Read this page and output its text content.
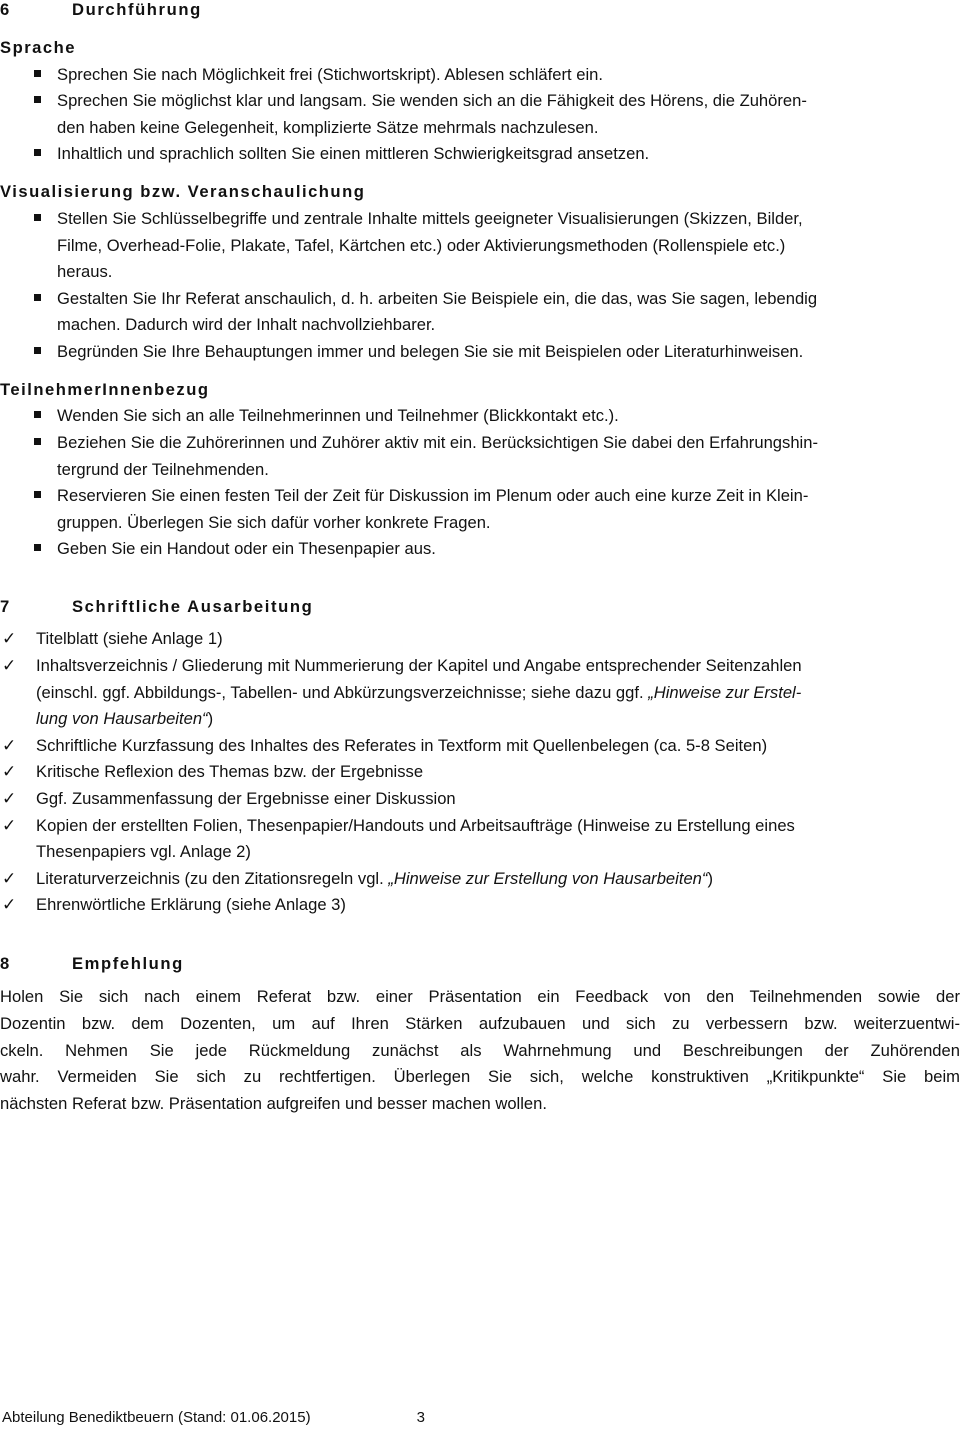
6	Durchführung
Sprache
Sprechen Sie nach Möglichkeit frei (Stichwortskript). Ablesen schläfert ein.
Sprechen Sie möglichst klar und langsam. Sie wenden sich an die Fähigkeit des Hörens, die Zuhören-
den haben keine Gelegenheit, komplizierte Sätze mehrmals nachzulesen.
Inhaltlich und sprachlich sollten Sie einen mittleren Schwierigkeitsgrad ansetzen.
Visualisierung bzw. Veranschaulichung
Stellen Sie Schlüsselbegriffe und zentrale Inhalte mittels geeigneter Visualisierungen (Skizzen, Bilder,
Filme, Overhead-Folie, Plakate, Tafel, Kärtchen etc.) oder Aktivierungsmethoden (Rollenspiele etc.)
heraus.
Gestalten Sie Ihr Referat anschaulich, d. h. arbeiten Sie Beispiele ein, die das, was Sie sagen, lebendig
machen. Dadurch wird der Inhalt nachvollziehbarer.
Begründen Sie Ihre Behauptungen immer und belegen Sie sie mit Beispielen oder Literaturhinweisen.
TeilnehmerInnenbezug
Wenden Sie sich an alle Teilnehmerinnen und Teilnehmer (Blickkontakt etc.).
Beziehen Sie die Zuhörerinnen und Zuhörer aktiv mit ein. Berücksichtigen Sie dabei den Erfahrungshin-
tergrund der Teilnehmenden.
Reservieren Sie einen festen Teil der Zeit für Diskussion im Plenum oder auch eine kurze Zeit in Klein-
gruppen. Überlegen Sie sich dafür vorher konkrete Fragen.
Geben Sie ein Handout oder ein Thesenpapier aus.
7	Schriftliche Ausarbeitung
✓ Titelblatt (siehe Anlage 1)
✓ Inhaltsverzeichnis / Gliederung mit Nummerierung der Kapitel und Angabe entsprechender Seitenzahlen
(einschl. ggf. Abbildungs-, Tabellen- und Abkürzungsverzeichnisse; siehe dazu ggf. „Hinweise zur Erstel-
lung von Hausarbeiten“)
✓ Schriftliche Kurzfassung des Inhaltes des Referates in Textform mit Quellenbelegen (ca. 5-8 Seiten)
✓ Kritische Reflexion des Themas bzw. der Ergebnisse
✓ Ggf. Zusammenfassung der Ergebnisse einer Diskussion
✓ Kopien der erstellten Folien, Thesenpapier/Handouts und Arbeitsaufträge (Hinweise zu Erstellung eines
Thesenpapiers vgl. Anlage 2)
✓ Literaturverzeichnis (zu den Zitationsregeln vgl. „Hinweise zur Erstellung von Hausarbeiten“)
✓ Ehrenwörtliche Erklärung (siehe Anlage 3)
8	Empfehlung
Holen Sie sich nach einem Referat bzw. einer Präsentation ein Feedback von den Teilnehmenden sowie der
Dozentin bzw. dem Dozenten, um auf Ihren Stärken aufzubauen und sich zu verbessern bzw. weiterzuentwi-
ckeln. Nehmen Sie jede Rückmeldung zunächst als Wahrnehmung und Beschreibungen der Zuhörenden
wahr. Vermeiden Sie sich zu rechtfertigen. Überlegen Sie sich, welche konstruktiven „Kritikpunkte“ Sie beim
nächsten Referat bzw. Präsentation aufgreifen und besser machen wollen.
Abteilung Benediktbeuern (Stand: 01.06.2015)	3
